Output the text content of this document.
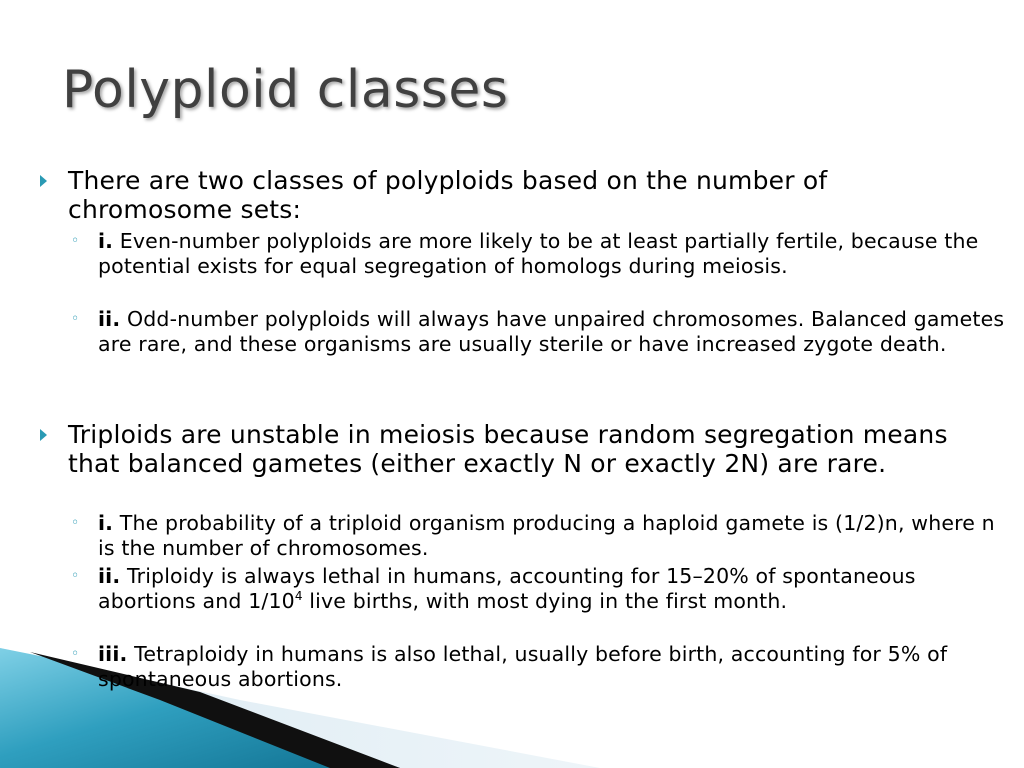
Polyploid classes
There are two classes of polyploids based on the number of chromosome sets:
◦ i. Even-number polyploids are more likely to be at least partially fertile, because the potential exists for equal segregation of homologs during meiosis.
◦ ii. Odd-number polyploids will always have unpaired chromosomes. Balanced gametes are rare, and these organisms are usually sterile or have increased zygote death.
Triploids are unstable in meiosis because random segregation means that balanced gametes (either exactly N or exactly 2N) are rare.
◦ i. The probability of a triploid organism producing a haploid gamete is (1/2)n, where n is the number of chromosomes.
◦ ii. Triploidy is always lethal in humans, accounting for 15–20% of spontaneous abortions and $1/10^4$ live births, with most dying in the first month.
◦ iii. Tetraploidy in humans is also lethal, usually before birth, accounting for 5% of spontaneous abortions.
